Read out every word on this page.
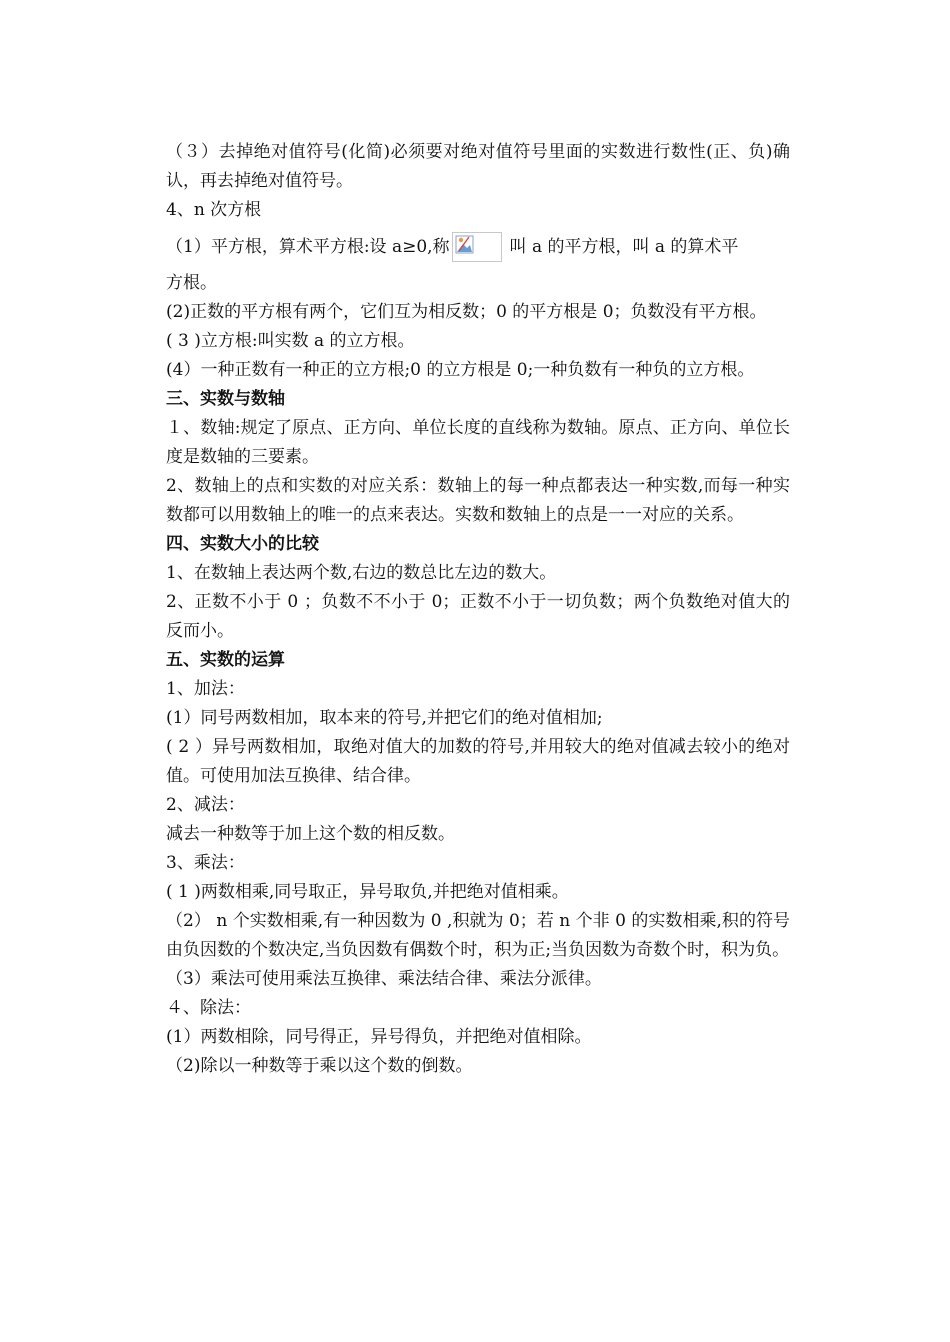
（３）去掉绝对值符号(化简)必须要对绝对值符号里面的实数进行数性(正、负)确认，再去掉绝对值符号。

4、n 次方根

（1）平方根，算术平方根:设 a≥0,称	叫 a 的平方根，叫 a 的算术平

方根。

(2)正数的平方根有两个，它们互为相反数；0 的平方根是 0；负数没有平方根。

( 3 )立方根:叫实数 a 的立方根。

(4）一种正数有一种正的立方根;0 的立方根是 0;一种负数有一种负的立方根。

三、实数与数轴

１、数轴:规定了原点、正方向、单位长度的直线称为数轴。原点、正方向、单位长度是数轴的三要素。

2、数轴上的点和实数的对应关系：数轴上的每一种点都表达一种实数,而每一种实数都可以用数轴上的唯一的点来表达。实数和数轴上的点是一一对应的关系。

四、实数大小的比较

1、在数轴上表达两个数,右边的数总比左边的数大。

2、正数不小于 0 ；负数不不小于 0；正数不小于一切负数；两个负数绝对值大的反而小。

五、实数的运算

1、加法：

(1）同号两数相加，取本来的符号,并把它们的绝对值相加;

( 2 ）异号两数相加，取绝对值大的加数的符号,并用较大的绝对值减去较小的绝对值。可使用加法互换律、结合律。

2、减法：

减去一种数等于加上这个数的相反数。

3、乘法：

( 1 )两数相乘,同号取正，异号取负,并把绝对值相乘。

（2） n 个实数相乘,有一种因数为 0 ,积就为 0；若 n 个非 0 的实数相乘,积的符号由负因数的个数决定,当负因数有偶数个时，积为正;当负因数为奇数个时，积为负。

（3）乘法可使用乘法互换律、乘法结合律、乘法分派律。

４、除法：

(1）两数相除，同号得正，异号得负，并把绝对值相除。

（2)除以一种数等于乘以这个数的倒数。
